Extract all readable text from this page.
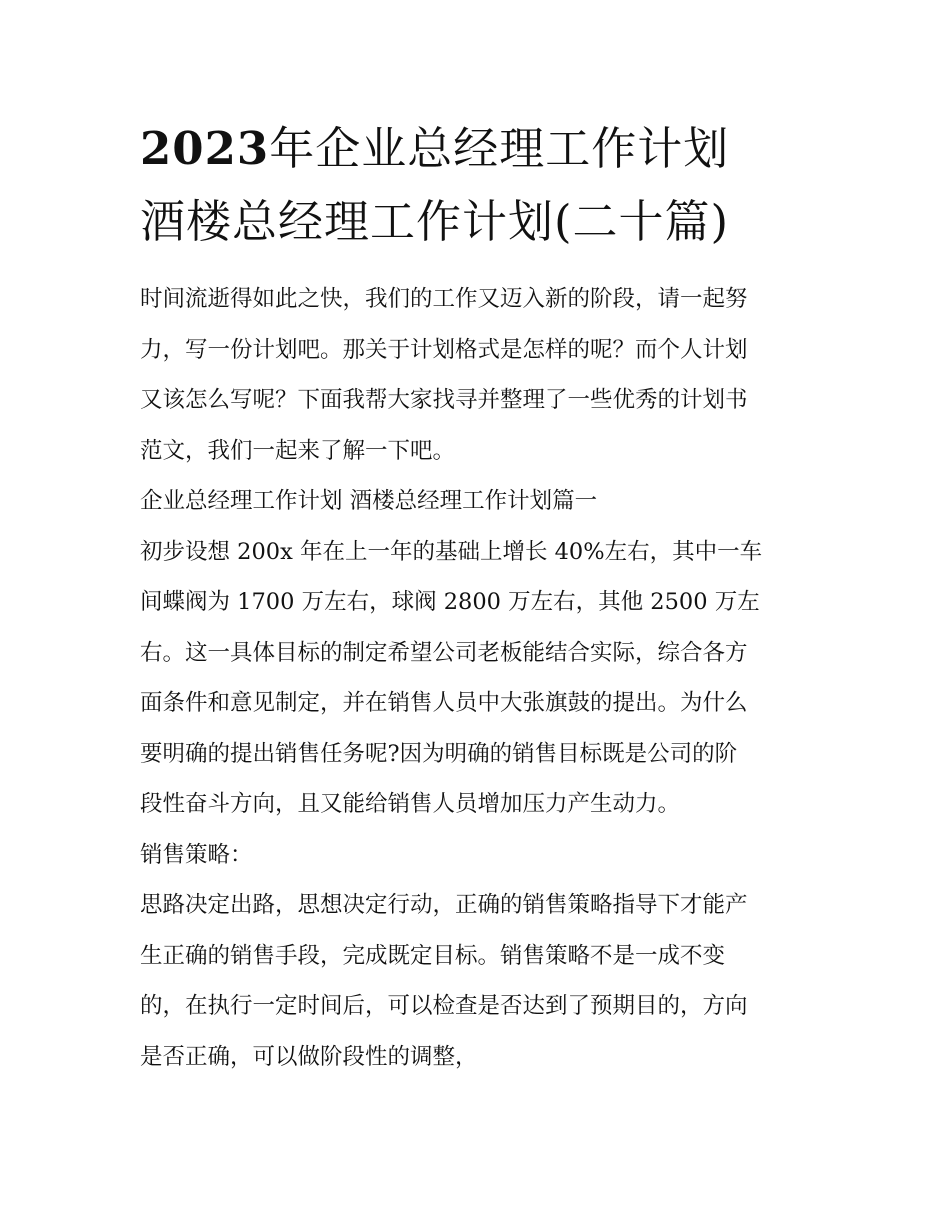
2023年企业总经理工作计划
酒楼总经理工作计划(二十篇)

时间流逝得如此之快，我们的工作又迈入新的阶段，请一起努
力，写一份计划吧。那关于计划格式是怎样的呢？而个人计划
又该怎么写呢？下面我帮大家找寻并整理了一些优秀的计划书
范文，我们一起来了解一下吧。

企业总经理工作计划 酒楼总经理工作计划篇一

初步设想 200x 年在上一年的基础上增长 40%左右，其中一车
间蝶阀为 1700 万左右，球阀 2800 万左右，其他 2500 万左
右。这一具体目标的制定希望公司老板能结合实际，综合各方
面条件和意见制定，并在销售人员中大张旗鼓的提出。为什么
要明确的提出销售任务呢?因为明确的销售目标既是公司的阶
段性奋斗方向，且又能给销售人员增加压力产生动力。

销售策略：

思路决定出路，思想决定行动，正确的销售策略指导下才能产
生正确的销售手段，完成既定目标。销售策略不是一成不变
的，在执行一定时间后，可以检查是否达到了预期目的，方向
是否正确，可以做阶段性的调整，
